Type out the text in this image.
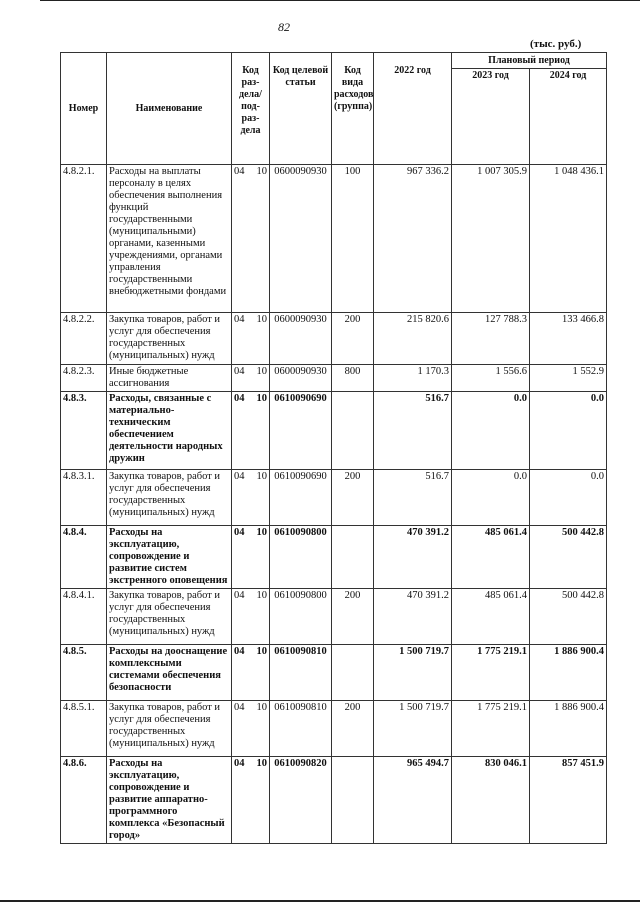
82
(тыс. руб.)
Номер	Наименование	Код раз-дела/ под-раз-дела	Код целевой статьи	Код вида расходов (группа)	2022 год	Плановый период	
						2023 год	2024 год
4.8.2.1.	Расходы на выплаты персоналу в целях обеспечения выполнения функций государственными (муниципальными) органами, казенными учреждениями, органами управления государственными внебюджетными фондами	04 10	0600090930	100	967 336.2	1 007 305.9	1 048 436.1
4.8.2.2.	Закупка товаров, работ и услуг для обеспечения государственных (муниципальных) нужд	04 10	0600090930	200	215 820.6	127 788.3	133 466.8
4.8.2.3.	Иные бюджетные ассигнования	04 10	0600090930	800	1 170.3	1 556.6	1 552.9
4.8.3.	Расходы, связанные с материально-техническим обеспечением деятельности народных дружин	04 10	0610090690		516.7	0.0	0.0
4.8.3.1.	Закупка товаров, работ и услуг для обеспечения государственных (муниципальных) нужд	04 10	0610090690	200	516.7	0.0	0.0
4.8.4.	Расходы на эксплуатацию, сопровождение и развитие систем экстренного оповещения	04 10	0610090800		470 391.2	485 061.4	500 442.8
4.8.4.1.	Закупка товаров, работ и услуг для обеспечения государственных (муниципальных) нужд	04 10	0610090800	200	470 391.2	485 061.4	500 442.8
4.8.5.	Расходы на дооснащение комплексными системами обеспечения безопасности	04 10	0610090810		1 500 719.7	1 775 219.1	1 886 900.4
4.8.5.1.	Закупка товаров, работ и услуг для обеспечения государственных (муниципальных) нужд	04 10	0610090810	200	1 500 719.7	1 775 219.1	1 886 900.4
4.8.6.	Расходы на эксплуатацию, сопровождение и развитие аппаратно-программного комплекса «Безопасный город»	04 10	0610090820		965 494.7	830 046.1	857 451.9
